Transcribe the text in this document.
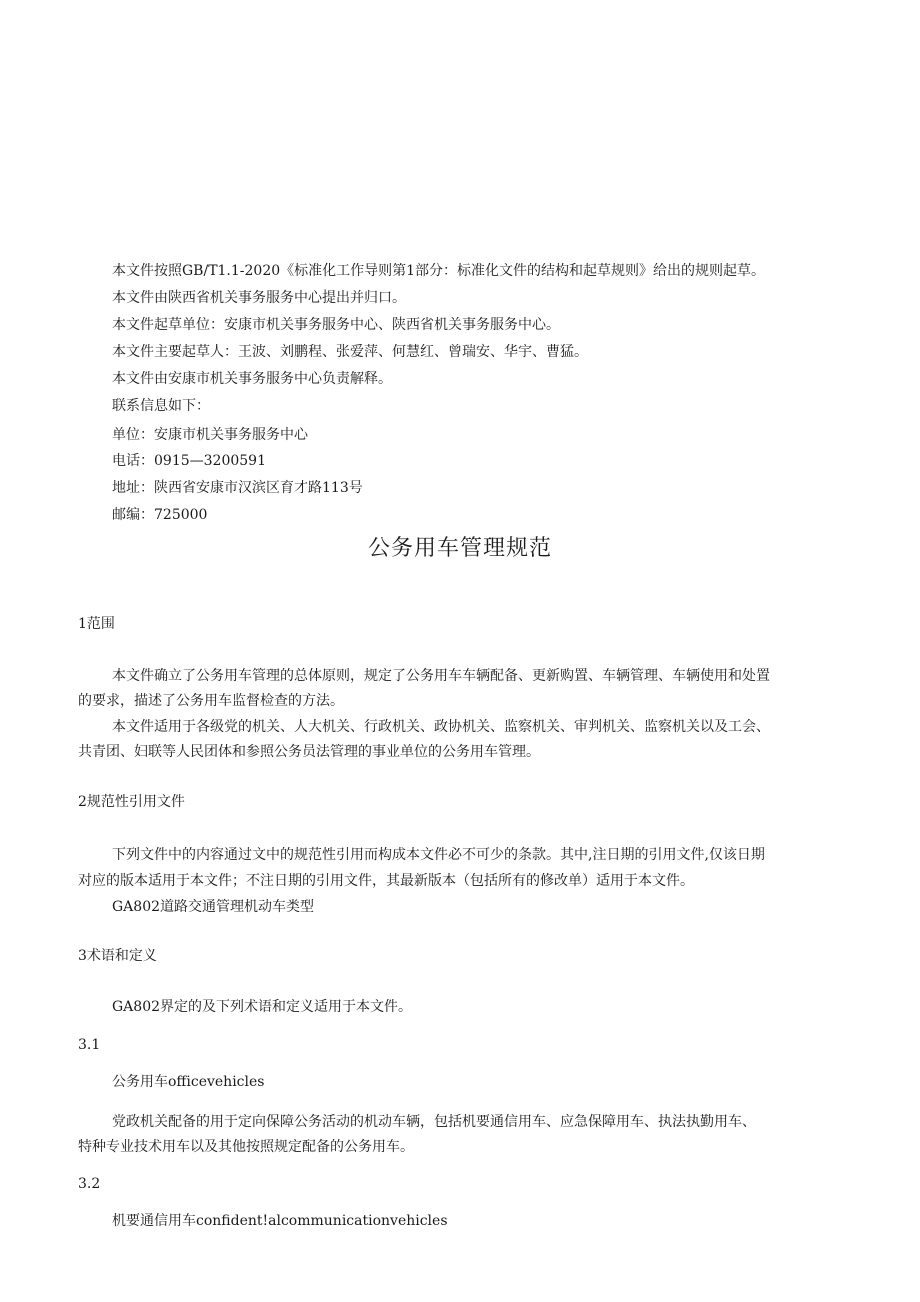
本文件按照GB/T1.1-2020《标准化工作导则第1部分：标准化文件的结构和起草规则》给出的规则起草。
本文件由陕西省机关事务服务中心提出并归口。
本文件起草单位：安康市机关事务服务中心、陕西省机关事务服务中心。
本文件主要起草人：王波、刘鹏程、张爱萍、何慧红、曾瑞安、华宇、曹猛。
本文件由安康市机关事务服务中心负责解释。
联系信息如下：
单位：安康市机关事务服务中心
电话：0915—3200591
地址：陕西省安康市汉滨区育才路113号
邮编：725000
公务用车管理规范
1范围
本文件确立了公务用车管理的总体原则，规定了公务用车车辆配备、更新购置、车辆管理、车辆使用和处置
的要求，描述了公务用车监督检查的方法。
本文件适用于各级党的机关、人大机关、行政机关、政协机关、监察机关、审判机关、监察机关以及工会、
共青团、妇联等人民团体和参照公务员法管理的事业单位的公务用车管理。
2规范性引用文件
下列文件中的内容通过文中的规范性引用而构成本文件必不可少的条款。其中,注日期的引用文件,仅该日期
对应的版本适用于本文件；不注日期的引用文件，其最新版本（包括所有的修改单）适用于本文件。
GA802道路交通管理机动车类型
3术语和定义
GA802界定的及下列术语和定义适用于本文件。
3.1
公务用车officevehicles
党政机关配备的用于定向保障公务活动的机动车辆，包括机要通信用车、应急保障用车、执法执勤用车、
特种专业技术用车以及其他按照规定配备的公务用车。
3.2
机要通信用车confident!alcommunicationvehicles
